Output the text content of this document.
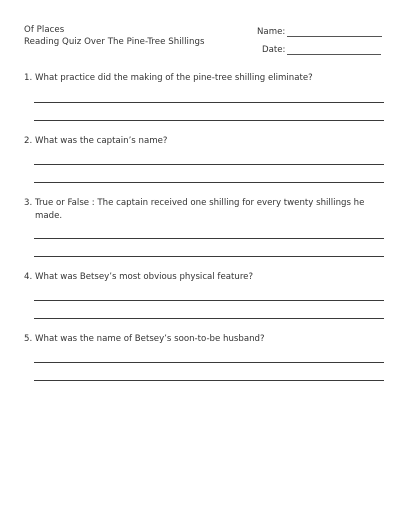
Of Places
Reading Quiz Over The Pine-Tree Shillings
Name:
Date:
1. What practice did the making of the pine-tree shilling eliminate?
2. What was the captain’s name?
3. True or False : The captain received one shilling for every twenty shillings he made.
4. What was Betsey’s most obvious physical feature?
5. What was the name of Betsey’s soon-to-be husband?
